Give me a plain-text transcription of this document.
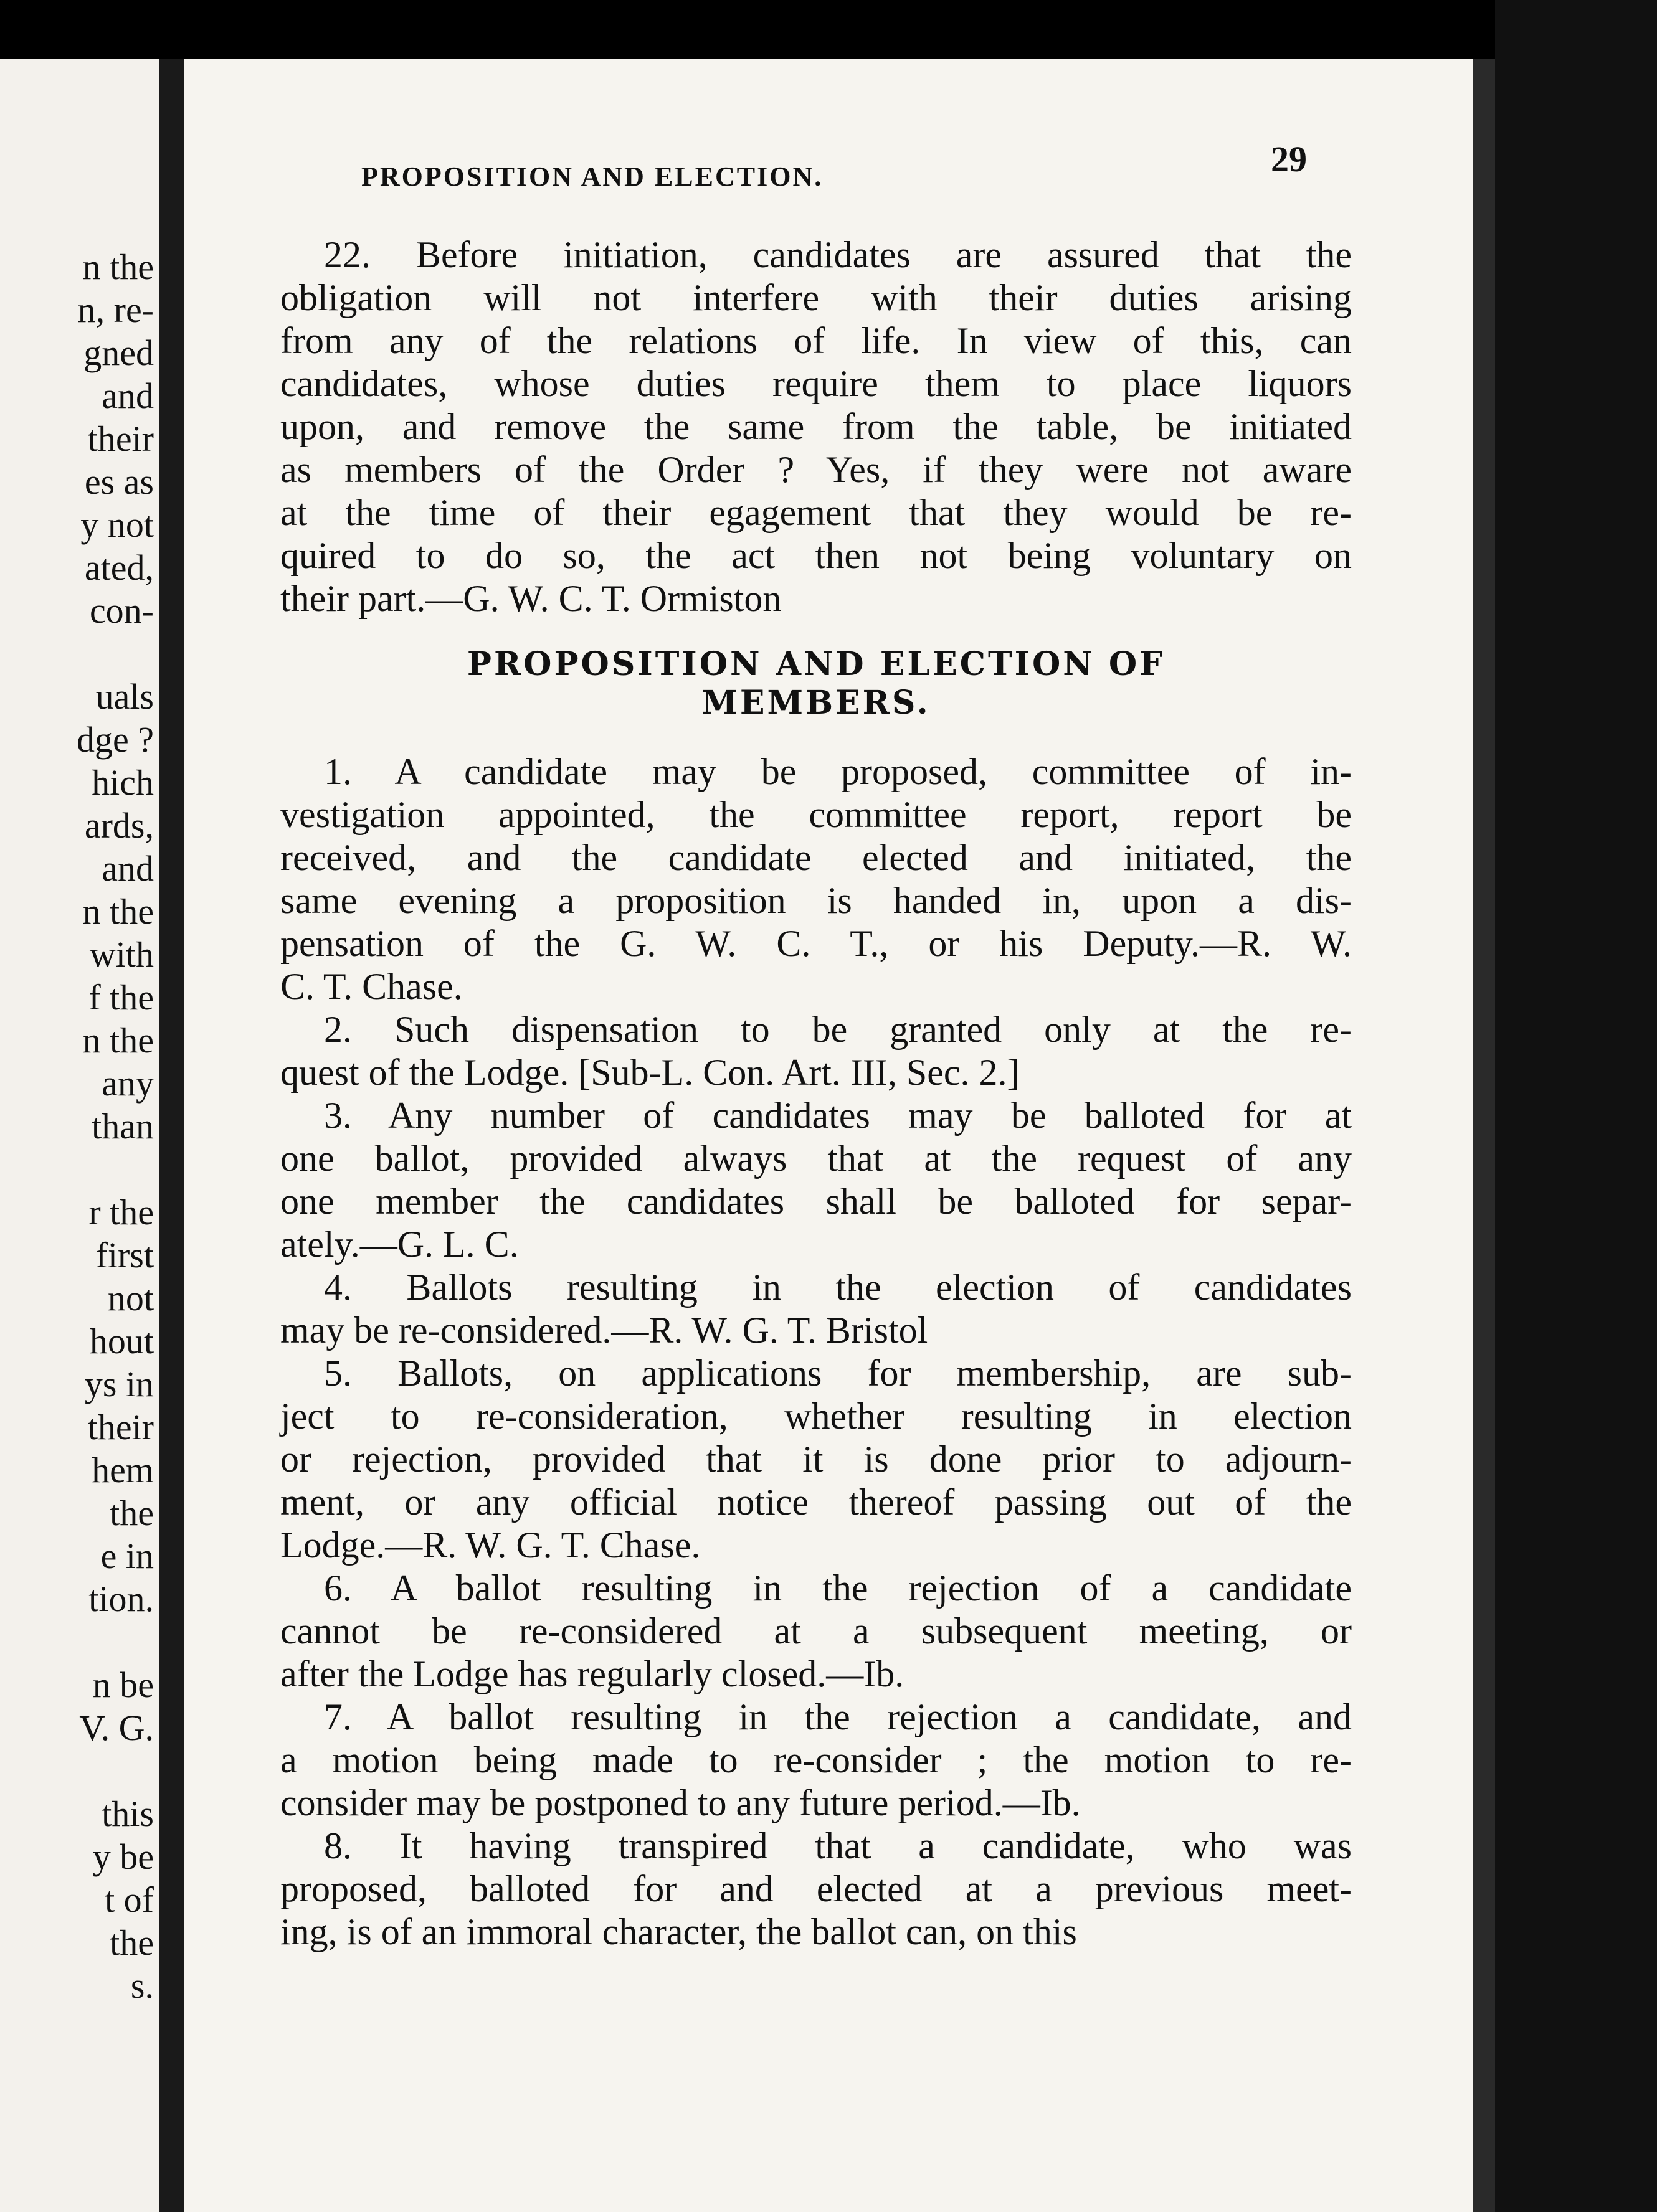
n the
n, re-
gned
and
their
es as
y not
ated,
con-
uals
dge ?
hich
ards,
and
n the
with
f the
n the
any
than
r the
first
not
hout
ys in
their
hem
the
e in
tion.
n be
V. G.
this
y be
t of
the
s.
PROPOSITION AND ELECTION.	29
22. Before initiation, candidates are assured that the
obligation will not interfere with their duties arising
from any of the relations of life. In view of this, can
candidates, whose duties require them to place liquors
upon, and remove the same from the table, be initiated
as members of the Order ? Yes, if they were not aware
at the time of their egagement that they would be re-
quired to do so, the act then not being voluntary on
their part.—G. W. C. T. Ormiston
PROPOSITION AND ELECTION OF
MEMBERS.
1. A candidate may be proposed, committee of in-
vestigation appointed, the committee report, report be
received, and the candidate elected and initiated, the
same evening a proposition is handed in, upon a dis-
pensation of the G. W. C. T., or his Deputy.—R. W.
C. T. Chase.
2. Such dispensation to be granted only at the re-
quest of the Lodge. [Sub-L. Con. Art. III, Sec. 2.]
3. Any number of candidates may be balloted for at
one ballot, provided always that at the request of any
one member the candidates shall be balloted for separ-
ately.—G. L. C.
4. Ballots resulting in the election of candidates
may be re-considered.—R. W. G. T. Bristol
5. Ballots, on applications for membership, are sub-
ject to re-consideration, whether resulting in election
or rejection, provided that it is done prior to adjourn-
ment, or any official notice thereof passing out of the
Lodge.—R. W. G. T. Chase.
6. A ballot resulting in the rejection of a candidate
cannot be re-considered at a subsequent meeting, or
after the Lodge has regularly closed.—Ib.
7. A ballot resulting in the rejection a candidate, and
a motion being made to re-consider ; the motion to re-
consider may be postponed to any future period.—Ib.
8. It having transpired that a candidate, who was
proposed, balloted for and elected at a previous meet-
ing, is of an immoral character, the ballot can, on this
